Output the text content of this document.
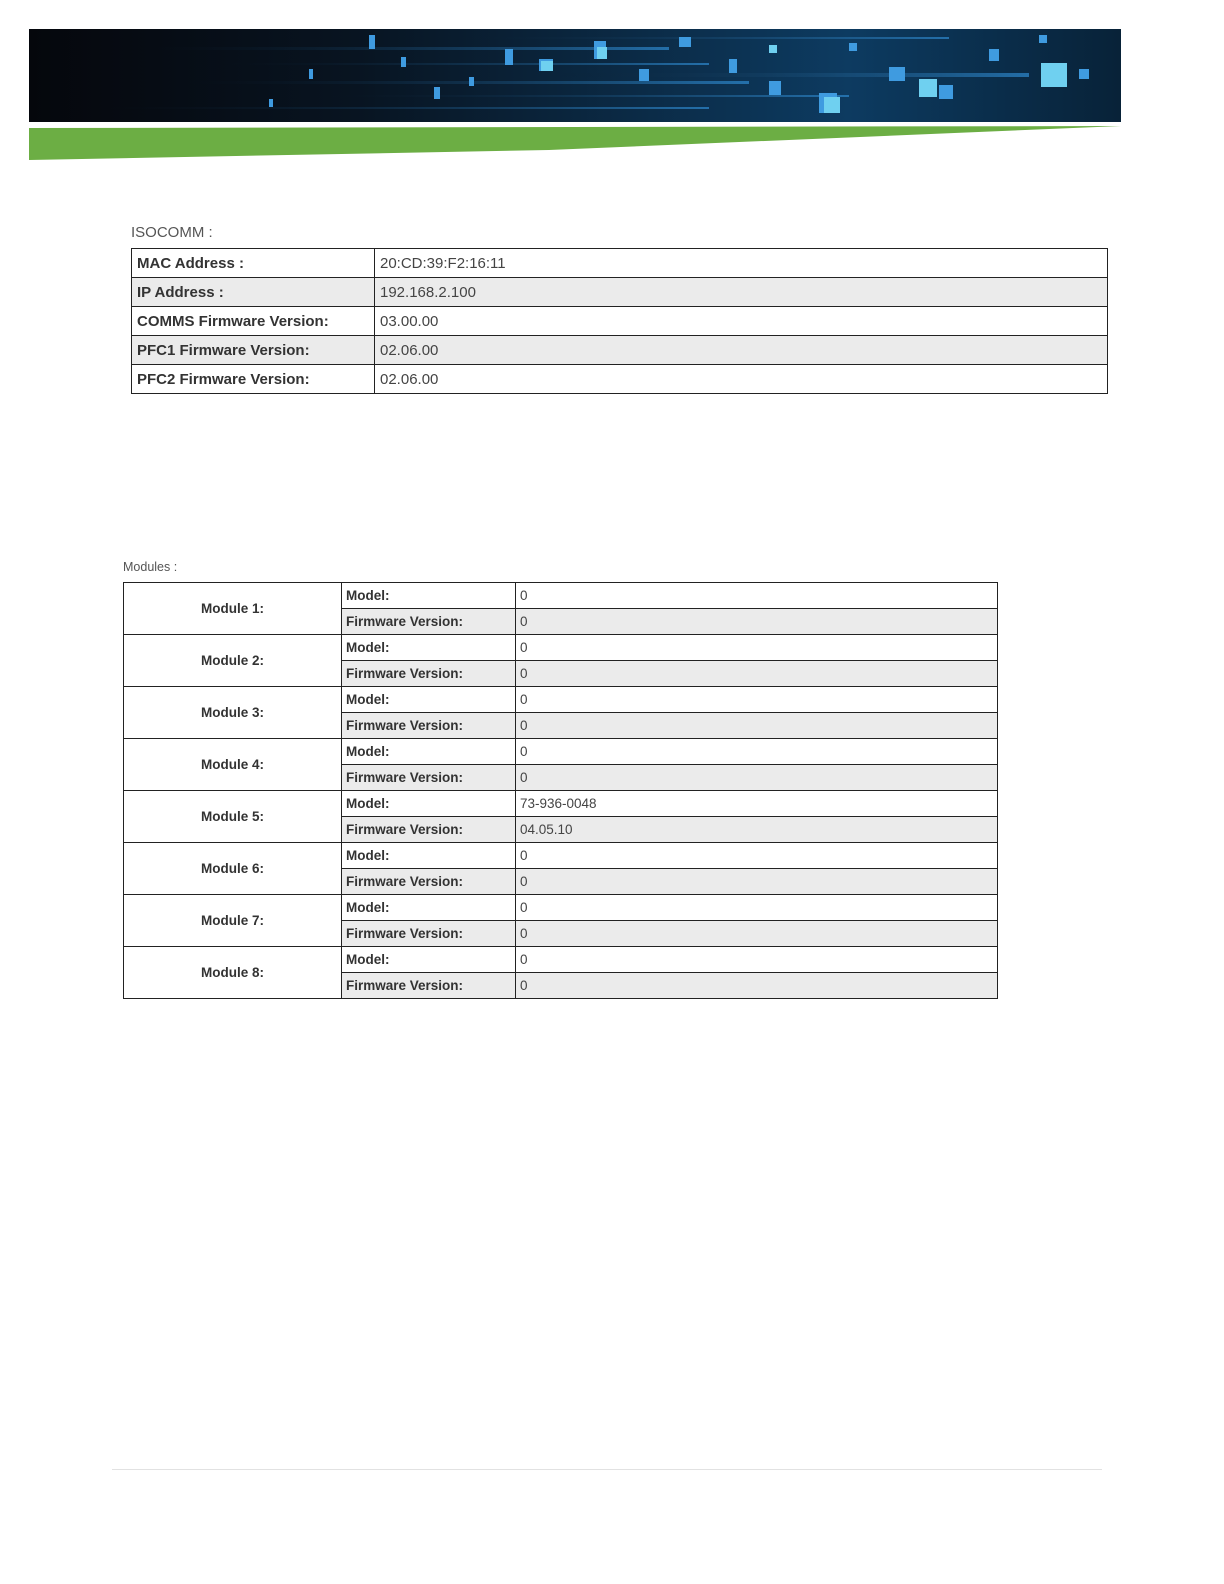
ISOCOMM :
MAC Address :	20:CD:39:F2:16:11
IP Address :	192.168.2.100
COMMS Firmware Version:	03.00.00
PFC1 Firmware Version:	02.06.00
PFC2 Firmware Version:	02.06.00
Modules :
Module 1:	Model:	0
	Firmware Version:	0
Module 2:	Model:	0
	Firmware Version:	0
Module 3:	Model:	0
	Firmware Version:	0
Module 4:	Model:	0
	Firmware Version:	0
Module 5:	Model:	73-936-0048
	Firmware Version:	04.05.10
Module 6:	Model:	0
	Firmware Version:	0
Module 7:	Model:	0
	Firmware Version:	0
Module 8:	Model:	0
	Firmware Version:	0
